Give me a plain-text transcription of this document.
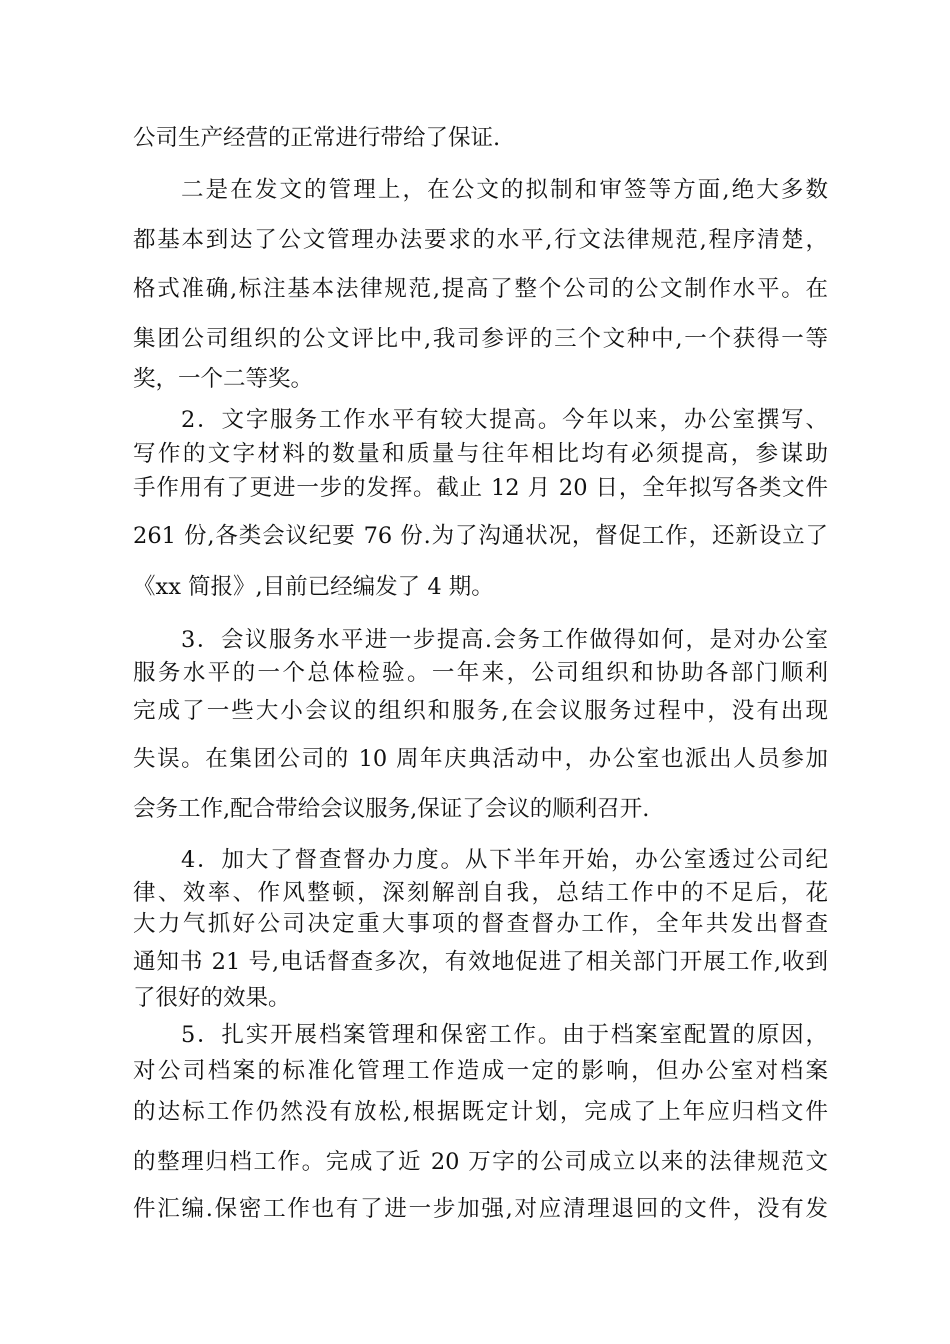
公司生产经营的正常进行带给了保证.
二是在发文的管理上，在公文的拟制和审签等方面,绝大多数
都基本到达了公文管理办法要求的水平,行文法律规范,程序清楚，
格式准确,标注基本法律规范,提高了整个公司的公文制作水平。在
集团公司组织的公文评比中,我司参评的三个文种中,一个获得一等
奖，一个二等奖。
2．文字服务工作水平有较大提高。今年以来，办公室撰写、
写作的文字材料的数量和质量与往年相比均有必须提高，参谋助
手作用有了更进一步的发挥。截止 12 月 20 日，全年拟写各类文件
261 份,各类会议纪要 76 份.为了沟通状况，督促工作，还新设立了
《xx 简报》,目前已经编发了 4 期。
3．会议服务水平进一步提高.会务工作做得如何，是对办公室
服务水平的一个总体检验。一年来，公司组织和协助各部门顺利
完成了一些大小会议的组织和服务,在会议服务过程中，没有出现
失误。在集团公司的 10 周年庆典活动中，办公室也派出人员参加
会务工作,配合带给会议服务,保证了会议的顺利召开.
4．加大了督查督办力度。从下半年开始，办公室透过公司纪
律、效率、作风整顿，深刻解剖自我，总结工作中的不足后，花
大力气抓好公司决定重大事项的督查督办工作，全年共发出督查
通知书 21 号,电话督查多次，有效地促进了相关部门开展工作,收到
了很好的效果。
5．扎实开展档案管理和保密工作。由于档案室配置的原因，
对公司档案的标准化管理工作造成一定的影响，但办公室对档案
的达标工作仍然没有放松,根据既定计划，完成了上年应归档文件
的整理归档工作。完成了近 20 万字的公司成立以来的法律规范文
件汇编.保密工作也有了进一步加强,对应清理退回的文件，没有发
